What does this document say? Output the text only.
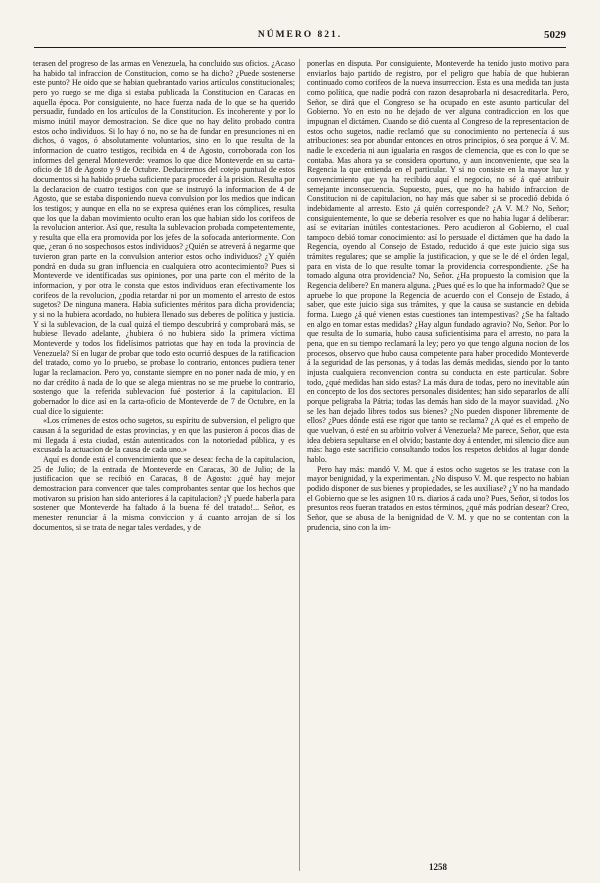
NÚMERO 821.	5029

terasen del progreso de las armas en Venezuela, ha concluido sus oficios. ¿Acaso ha habido tal infraccion de Constitucion, como se ha dicho? ¿Puede sostenerse este punto? He oido que se habian quebrantado varios artículos constitucionales; pero yo ruego se me diga si estaba publicada la Constitucion en Caracas en aquella época. Por consiguiente, no hace fuerza nada de lo que se ha querido persuadir, fundado en los artículos de la Constitucion. Es incoherente y por lo mismo inútil mayor demostracion. Se dice que no hay delito probado contra estos ocho individuos. Si lo hay ó no, no se ha de fundar en presunciones ni en dichos, ó vagos, ó absolutamente voluntarios, sino en lo que resulta de la informacion de cuatro testigos, recibida en 4 de Agosto, corroborada con los informes del general Monteverde: veamos lo que dice Monteverde en su carta-oficio de 18 de Agosto y 9 de Octubre. Deduciremos del cotejo puntual de estos documentos si ha habido prueba suficiente para proceder á la prision. Resulta por la declaracion de cuatro testigos con que se instruyó la informacion de 4 de Agosto, que se estaba disponiendo nueva convulsion por los medios que indican los testigos; y aunque en ella no se expresa quiénes eran los cómplices, resulta que los que la daban movimiento oculto eran los que habian sido los corifeos de la revolucion anterior. Así que, resulta la sublevacion probada competentemente, y resulta que ella era promovida por los jefes de la sofocada anteriormente. Con que, ¿eran ó no sospechosos estos individuos? ¿Quién se atreverá á negarme que tuvieron gran parte en la convulsion anterior estos ocho individuos? ¿Y quién pondrá en duda su gran influencia en cualquiera otro acontecimiento? Pues si Monteverde ve identificadas sus opiniones, por una parte con el mérito de la informacion, y por otra le consta que estos individuos eran efectivamente los corifeos de la revolucion, ¿podia retardar ni por un momento el arresto de estos sugetos? De ninguna manera. Habia suficientes méritos para dicha providencia; y si no la hubiera acordado, no hubiera llenado sus deberes de política y justicia. Y si la sublevacion, de la cual quizá el tiempo descubrirá y comprobará más, se hubiese llevado adelante, ¿hubiera ó no hubiera sido la primera víctima Monteverde y todos los fidelísimos patriotas que hay en toda la provincia de Venezuela? Sí en lugar de probar que todo esto ocurrió despues de la ratificacion del tratado, como yo lo pruebo, se probase lo contrario, entonces pudiera tener lugar la reclamacion. Pero yo, constante siempre en no poner nada de mio, y en no dar crédito á nada de lo que se alega mientras no se me pruebe lo contrario, sostengo que la referida sublevacion fué posterior á la capitulacion. El gobernador lo dice así en la carta-oficio de Monteverde de 7 de Octubre, en la cual dice lo siguiente:

«Los crímenes de estos ocho sugetos, su espíritu de subversion, el peligro que causan á la seguridad de estas provincias, y en que las pusieron á pocos dias de mi llegada á esta ciudad, están autenticados con la notoriedad pública, y es excusada la actuacion de la causa de cada uno.»

Aquí es donde está el convencimiento que se desea: fecha de la capitulacion, 25 de Julio; de la entrada de Monteverde en Caracas, 30 de Julio; de la justificacion que se recibió en Caracas, 8 de Agosto: ¿qué hay mejor demostracion para convencer que tales comprobantes sentar que los hechos que motivaron su prision han sido anteriores á la capitulacion? ¡Y puede haberla para sostener que Monteverde ha faltado á la buena fé del tratado!... Señor, es menester renunciar á la misma conviccion y á cuanto arrojan de sí los documentos, si se trata de negar tales verdades, y de

ponerlas en disputa. Por consiguiente, Monteverde ha tenido justo motivo para enviarlos bajo partido de registro, por el peligro que había de que hubieran continuado como corifeos de la nueva insurreccion. Esta es una medida tan justa como política, que nadie podrá con razon desaprobarla ni desacreditarla. Pero, Señor, se dirá que el Congreso se ha ocupado en este asunto particular del Gobierno. Yo en esto no he dejado de ver alguna contradiccion en los que impugnan el dictámen. Cuando se dió cuenta al Congreso de la representacion de estos ocho sugetos, nadie reclamó que su conocimiento no pertenecía á sus atribuciones: sea por abundar entonces en otros principios, ó sea porque á V. M. nadie le excederia ni aun igualaria en rasgos de clemencia, que es con lo que se contaba. Mas ahora ya se considera oportuno, y aun inconveniente, que sea la Regencia la que entienda en el particular. Y si no consiste en la mayor luz y convencimiento que ya ha recibido aquí el negocio, no sé á qué atribuir semejante inconsecuencia. Supuesto, pues, que no ha habido infraccion de Constitucion ni de capitulacion, no hay más que saber si se procedió debida ó indebidamente al arresto. Esto ¿á quién corresponde? ¿A V. M.? No, Señor; consiguientemente, lo que se debería resolver es que no habia lugar á deliberar: así se evitarían inútiles contestaciones. Pero acudieron al Gobierno, el cual tampoco debió tomar conocimiento: así lo persuade el dictámen que ha dado la Regencia, oyendo al Consejo de Estado, reducido á que este juicio siga sus trámites regulares; que se amplíe la justificacion, y que se le dé el órden legal, para en vista de lo que resulte tomar la providencia correspondiente. ¿Se ha tomado alguna otra providencia? No, Señor. ¿Ha propuesto la comision que la Regencia delibere? En manera alguna. ¿Pues qué es lo que ha informado? Que se apruebe lo que propone la Regencia de acuerdo con el Consejo de Estado, á saber, que este juicio siga sus trámites, y que la causa se sustancie en debida forma. Luego ¿á qué vienen estas cuestiones tan intempestivas? ¿Se ha faltado en algo en tomar estas medidas? ¿Hay algun fundado agravio? No, Señor. Por lo que resulta de lo sumaria, hubo causa suficientísima para el arresto, no para la pena, que en su tiempo reclamará la ley; pero yo que tengo alguna nocion de los procesos, observo que hubo causa competente para haber procedido Monteverde á la seguridad de las personas, y á todas las demás medidas, siendo por lo tanto injusta cualquiera reconvencion contra su conducta en este particular. Sobre todo, ¿qué medidas han sido estas? La más dura de todas, pero no inevitable aún en concepto de los dos sectores personales disidentes; han sido separarlos de allí porque peligraba la Pátria; todas las demás han sido de la mayor suavidad. ¿No se les han dejado libres todos sus bienes? ¿No pueden disponer libremente de ellos? ¿Pues dónde está ese rigor que tanto se reclama? ¿A qué es el empeño de que vuelvan, ó esté en su arbitrio volver á Venezuela? Me parece, Señor, que esta idea debiera sepultarse en el olvido; bastante doy á entender, mi silencio dice aun más: hago este sacrificio consultando todos los respetos debidos al lugar donde hablo.

Pero hay más: mandó V. M. que á estos ocho sugetos se les tratase con la mayor benignidad, y la experimentan. ¿No dispuso V. M. que respecto no habian podido disponer de sus bienes y propiedades, se les auxiliase? ¿Y no ha mandado el Gobierno que se les asignen 10 rs. diarios á cada uno? Pues, Señor, si todos los presuntos reos fueran tratados en estos términos, ¿qué más podrían desear? Creo, Señor, que se abusa de la benignidad de V. M. y que no se contentan con la prudencia, sino con la im-

1258
